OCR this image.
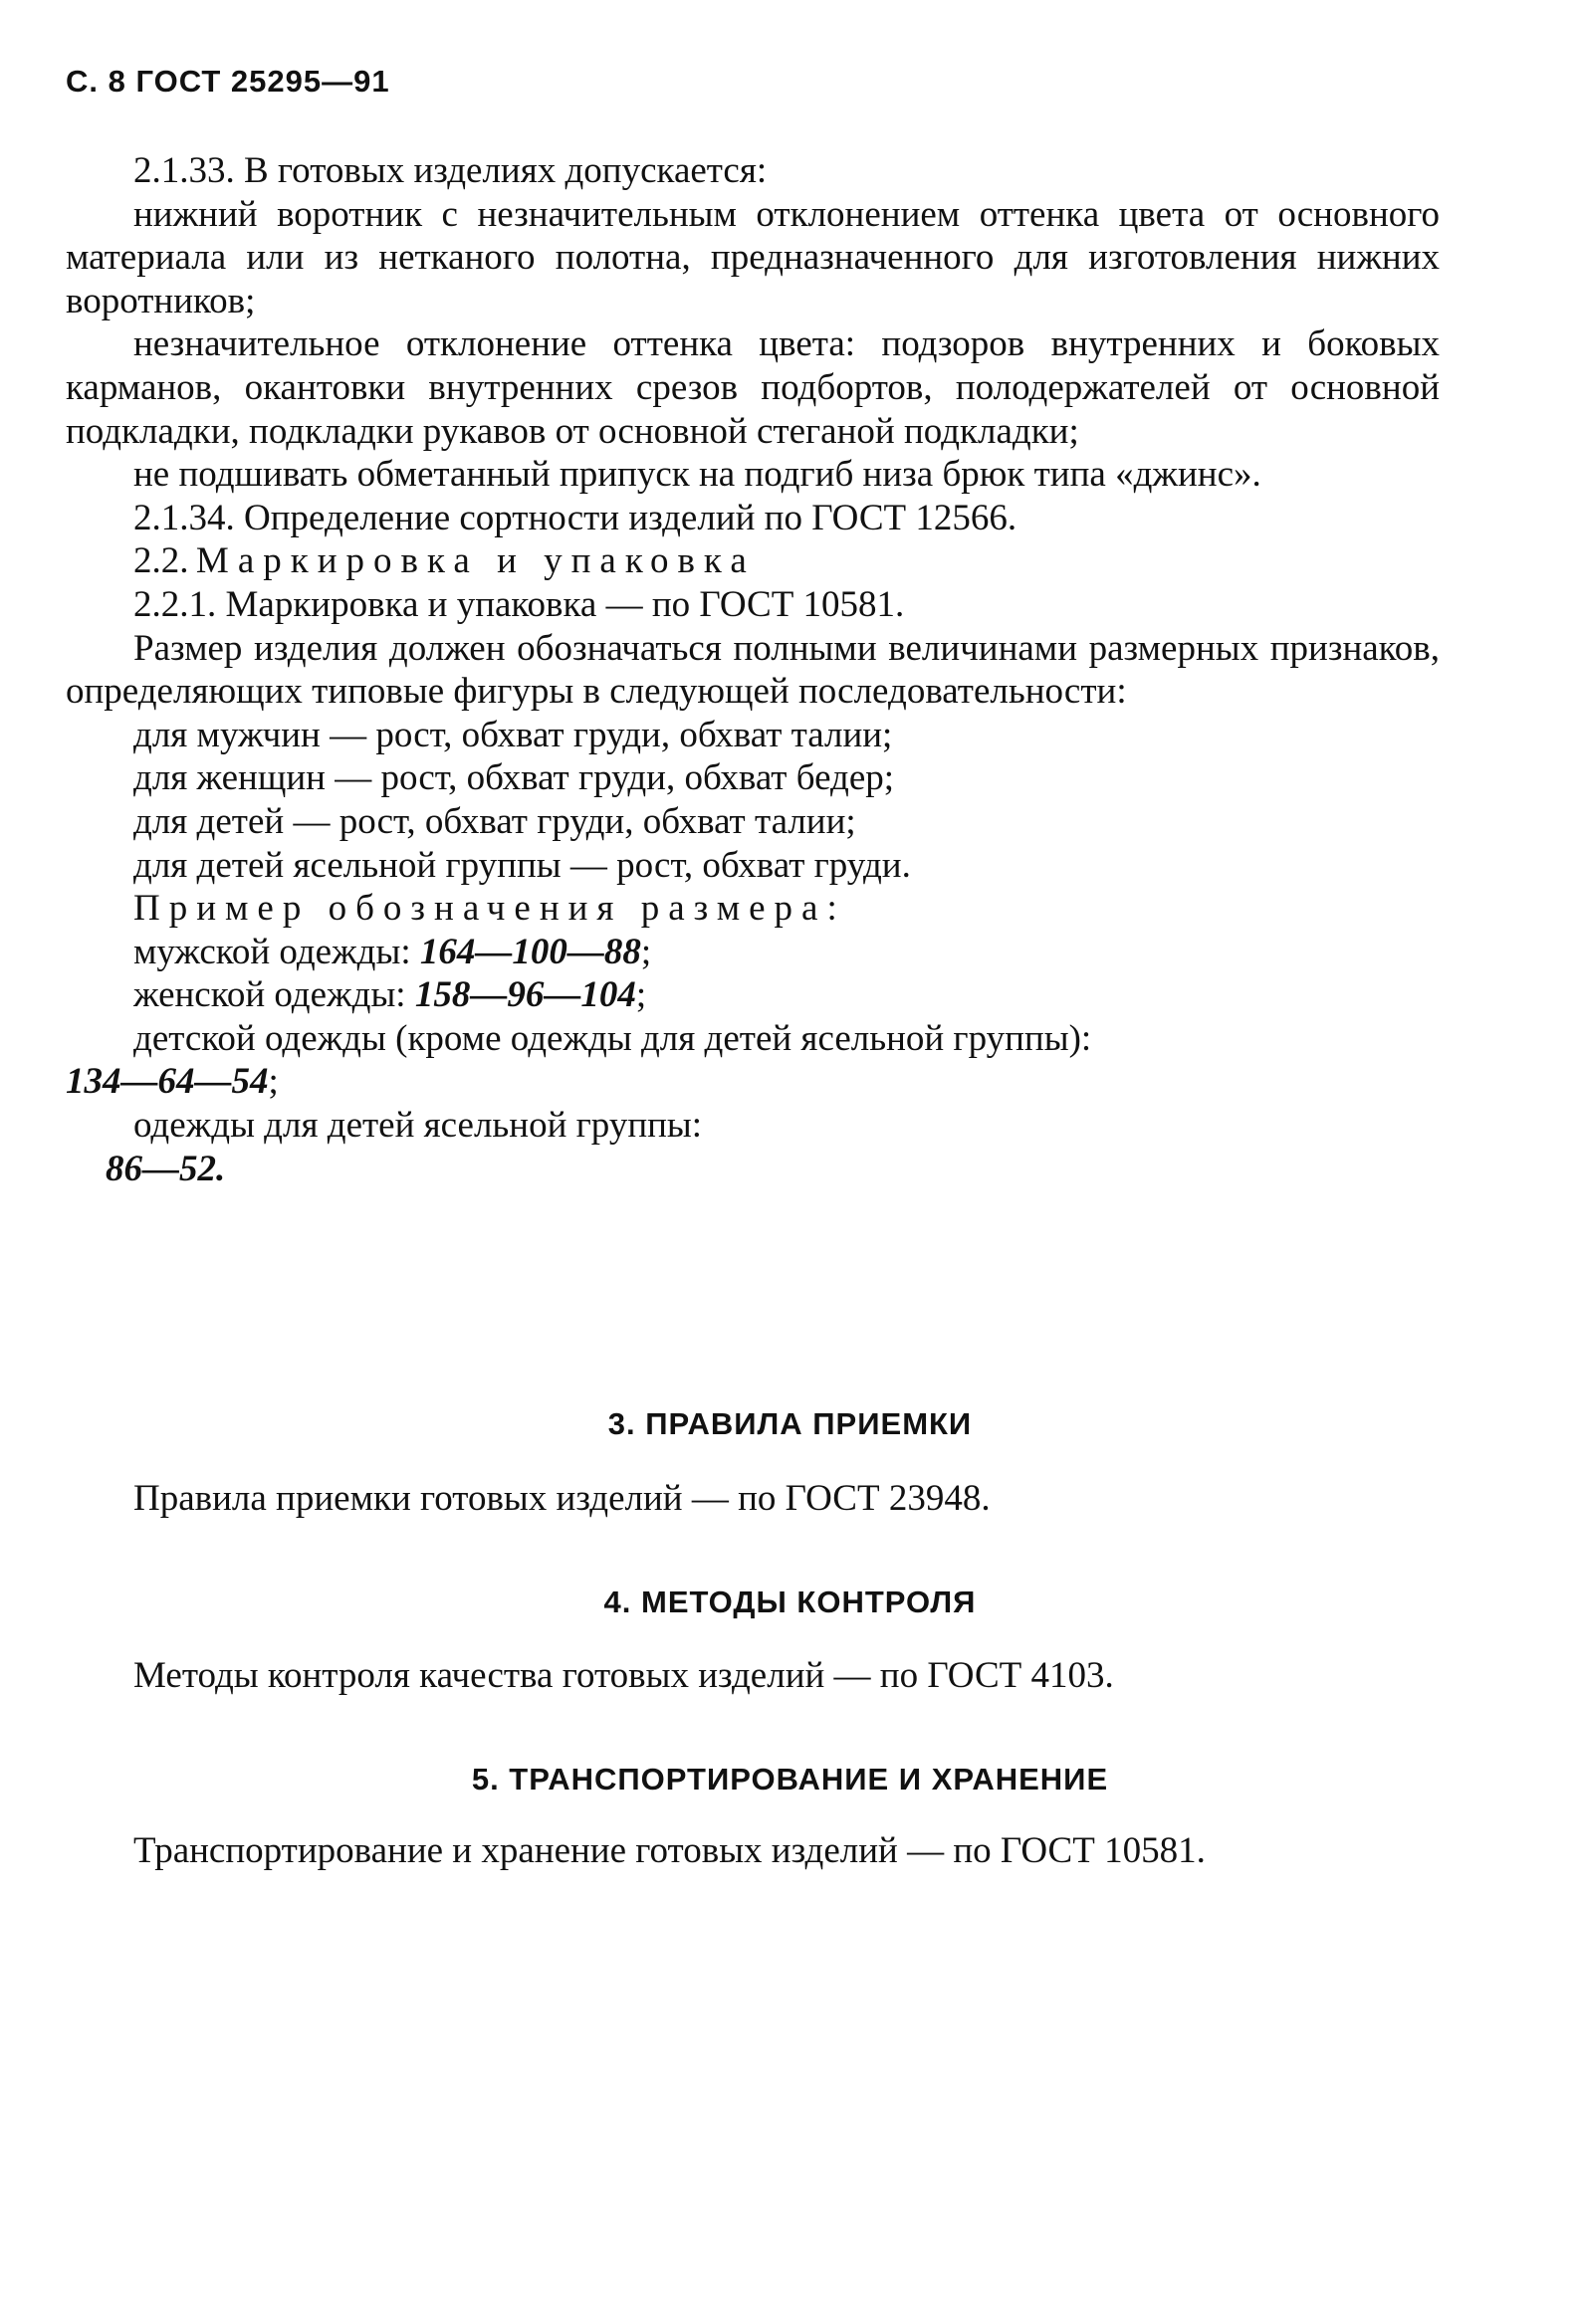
С. 8 ГОСТ 25295—91

2.1.33. В готовых изделиях допускается:

нижний воротник с незначительным отклонением оттенка цвета от основного материала или из нетканого полотна, предназначенного для изготовления нижних воротников;

незначительное отклонение оттенка цвета: подзоров внутренних и боковых карманов, окантовки внутренних срезов подбортов, полодержателей от основной подкладки, подкладки рукавов от основной стеганой подкладки;

не подшивать обметанный припуск на подгиб низа брюк типа «джинс».

2.1.34. Определение сортности изделий по ГОСТ 12566.

2.2.  Маркировка и упаковка

2.2.1. Маркировка и упаковка — по ГОСТ 10581.

Размер изделия должен обозначаться полными величинами размерных признаков, определяющих типовые фигуры в следующей последовательности:

для мужчин — рост, обхват груди, обхват талии;

для женщин — рост, обхват груди, обхват бедер;

для детей — рост, обхват груди, обхват талии;

для детей ясельной группы — рост, обхват груди.

Пример обозначения размера:

мужской одежды: 164—100—88;

женской одежды: 158—96—104;

детской одежды (кроме одежды для детей ясельной группы):
134—64—54;

одежды для детей ясельной группы:

86—52.

3. ПРАВИЛА ПРИЕМКИ

Правила приемки готовых изделий — по ГОСТ 23948.

4. МЕТОДЫ КОНТРОЛЯ

Методы контроля качества готовых изделий — по ГОСТ 4103.

5. ТРАНСПОРТИРОВАНИЕ И ХРАНЕНИЕ

Транспортирование и хранение готовых изделий — по ГОСТ 10581.
